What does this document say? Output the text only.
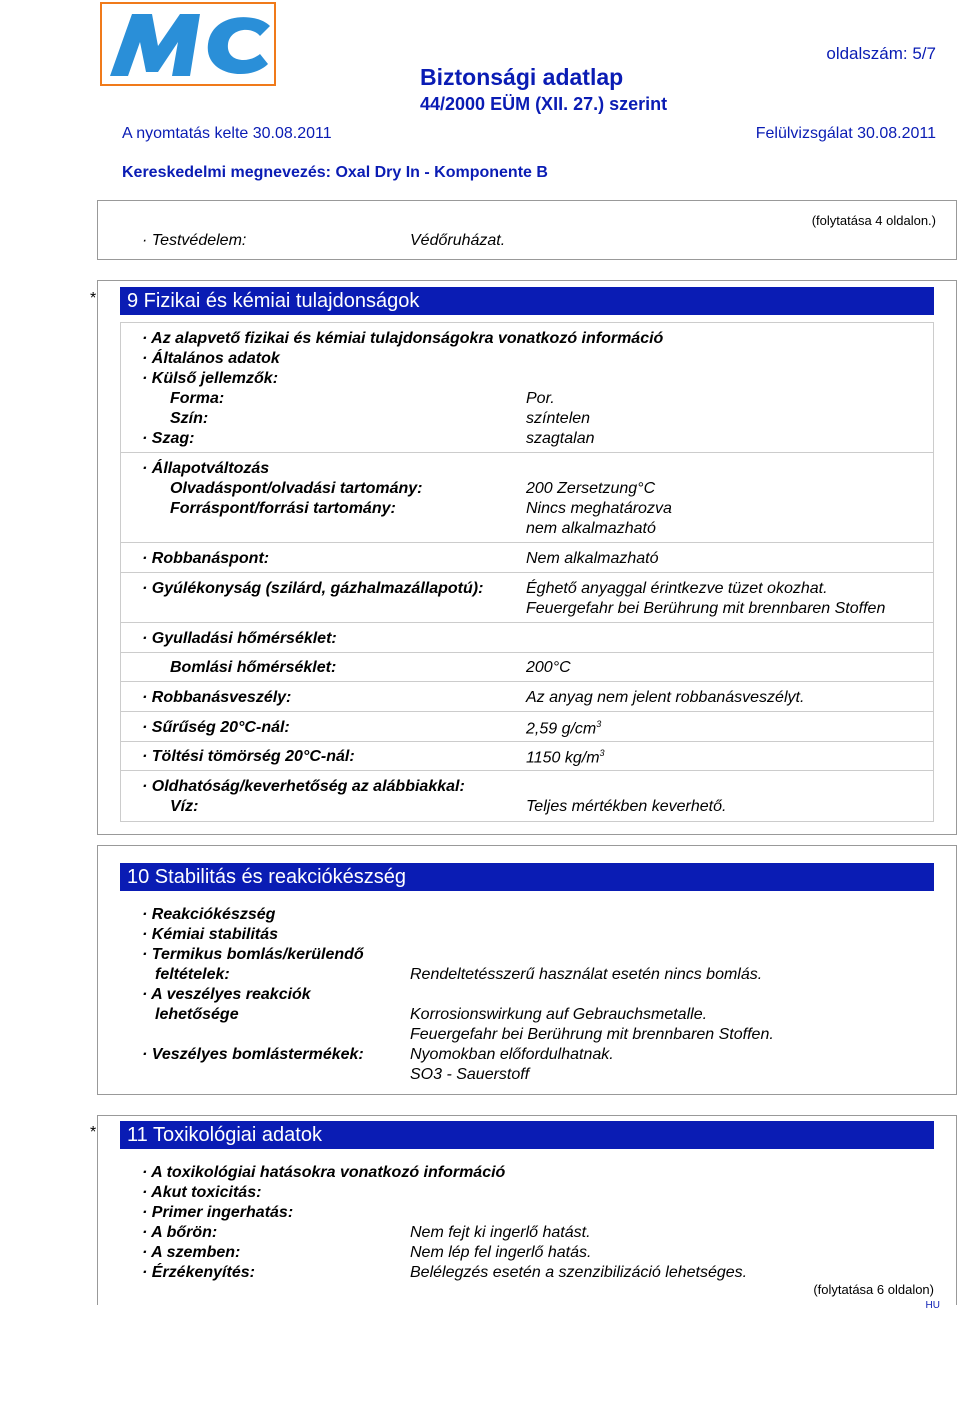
Biztonsági adatlap
44/2000 EÜM (XII. 27.) szerint
oldalszám: 5/7
A nyomtatás kelte 30.08.2011	Felülvizsgálat 30.08.2011
Kereskedelmi megnevezés: Oxal Dry In - Komponente B
(folytatása 4 oldalon.)
· Testvédelem:	Védőruházat.
*	9 Fizikai és kémiai tulajdonságok
· Az alapvető fizikai és kémiai tulajdonságokra vonatkozó információ
· Általános adatok
· Külső jellemzők:
Forma:	Por.
Szín:	színtelen
· Szag:	szagtalan
· Állapotváltozás
Olvadáspont/olvadási tartomány:	200 Zersetzung°C
Forráspont/forrási tartomány:	Nincs meghatározva
nem alkalmazható
· Robbanáspont:	Nem alkalmazható
· Gyúlékonyság (szilárd, gázhalmazállapotú):	Éghető anyaggal érintkezve tüzet okozhat.
Feuergefahr bei Berührung mit brennbaren Stoffen
· Gyulladási hőmérséklet:
Bomlási hőmérséklet:	200°C
· Robbanásveszély:	Az anyag nem jelent robbanásveszélyt.
· Sűrűség 20°C-nál:	2,59 $g/cm^3$
· Töltési tömörség 20°C-nál:	1150 $kg/m^3$
· Oldhatóság/keverhetőség az alábbiakkal:
Víz:	Teljes mértékben keverhető.
10 Stabilitás és reakciókészség
· Reakciókészség
· Kémiai stabilitás
· Termikus bomlás/kerülendő
feltételek:	Rendeltetésszerű használat esetén nincs bomlás.
· A veszélyes reakciók
lehetősége	Korrosionswirkung auf Gebrauchsmetalle.
Feuergefahr bei Berührung mit brennbaren Stoffen.
· Veszélyes bomlástermékek:	Nyomokban előfordulhatnak.
SO3 - Sauerstoff
*	11 Toxikológiai adatok
· A toxikológiai hatásokra vonatkozó információ
· Akut toxicitás:
· Primer ingerhatás:
· A bőrön:	Nem fejt ki ingerlő hatást.
· A szemben:	Nem lép fel ingerlő hatás.
· Érzékenyítés:	Belélegzés esetén a szenzibilizáció lehetséges.
(folytatása 6 oldalon)
HU
